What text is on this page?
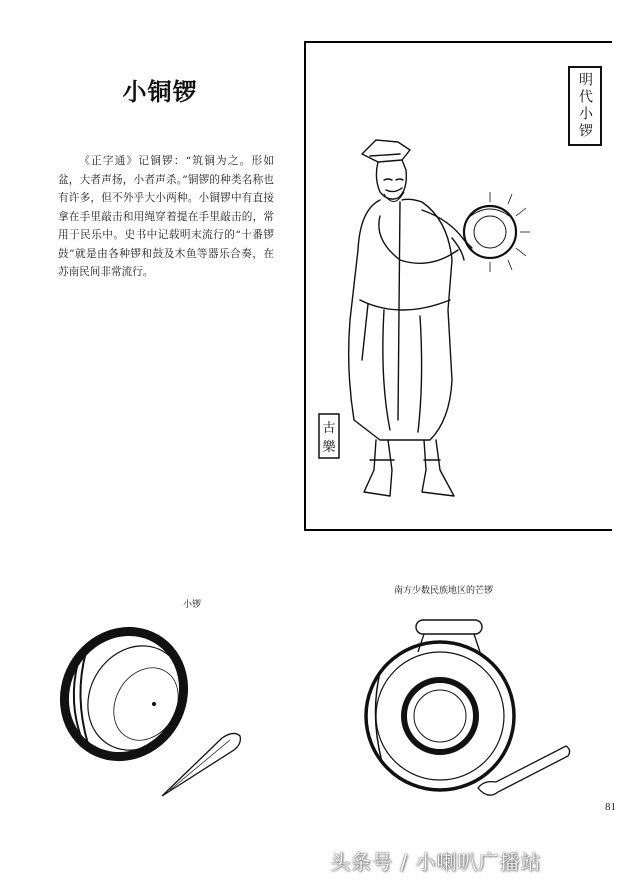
小铜锣

《正字通》记铜锣：“筑铜为之。形如盆，大者声扬，小者声杀。”铜锣的种类名称也有许多，但不外乎大小两种。小铜锣中有直接拿在手里敲击和用绳穿着提在手里敲击的，常用于民乐中。史书中记载明末流行的“十番锣鼓”就是由各种锣和鼓及木鱼等器乐合奏，在苏南民间非常流行。

明代小锣
古
樂
小锣
南方少数民族地区的芒锣
81
头条号 / 小喇叭广播站
